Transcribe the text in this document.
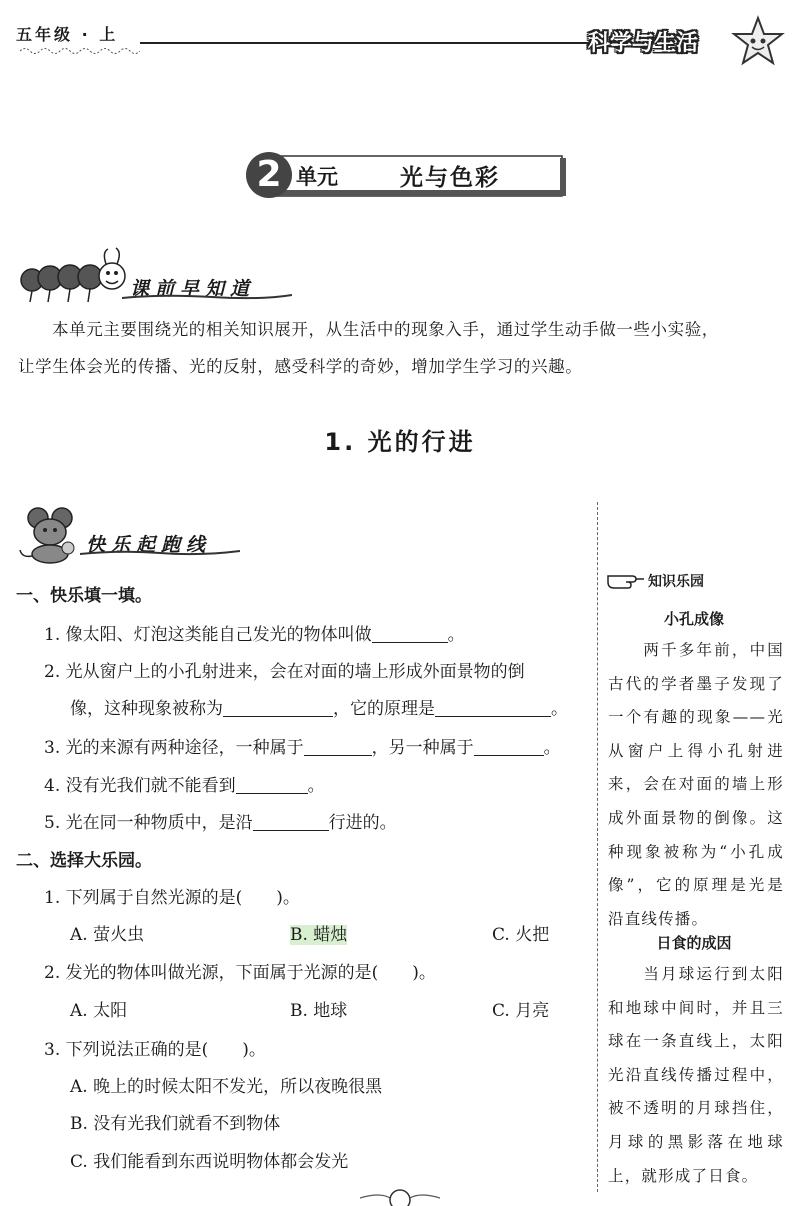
五年级 · 上	科学与生活
2 单元	光与色彩
课前早知道
本单元主要围绕光的相关知识展开，从生活中的现象入手，通过学生动手做一些小实验，
让学生体会光的传播、光的反射，感受科学的奇妙，增加学生学习的兴趣。
1. 光的行进
快乐起跑线
一、快乐填一填。
1. 像太阳、灯泡这类能自己发光的物体叫做	。
2. 光从窗户上的小孔射进来，会在对面的墙上形成外面景物的倒
像，这种现象被称为	，它的原理是	。
3. 光的来源有两种途径，一种属于	，另一种属于	。
4. 没有光我们就不能看到	。
5. 光在同一种物质中，是沿	行进的。
二、选择大乐园。
1. 下列属于自然光源的是(　　)。
A. 萤火虫	B. 蜡烛	C. 火把
2. 发光的物体叫做光源，下面属于光源的是(　　)。
A. 太阳	B. 地球	C. 月亮
3. 下列说法正确的是(　　)。
A. 晚上的时候太阳不发光，所以夜晚很黑
B. 没有光我们就看不到物体
C. 我们能看到东西说明物体都会发光
知识乐园
小孔成像
　　两千多年前，中国古代的学者墨子发现了一个有趣的现象——光从窗户上得小孔射进来，会在对面的墙上形成外面景物的倒像。这种现象被称为“小孔成像”，它的原理是光是沿直线传播。
日食的成因
　　当月球运行到太阳和地球中间时，并且三球在一条直线上，太阳光沿直线传播过程中，被不透明的月球挡住，月球的黑影落在地球上，就形成了日食。
